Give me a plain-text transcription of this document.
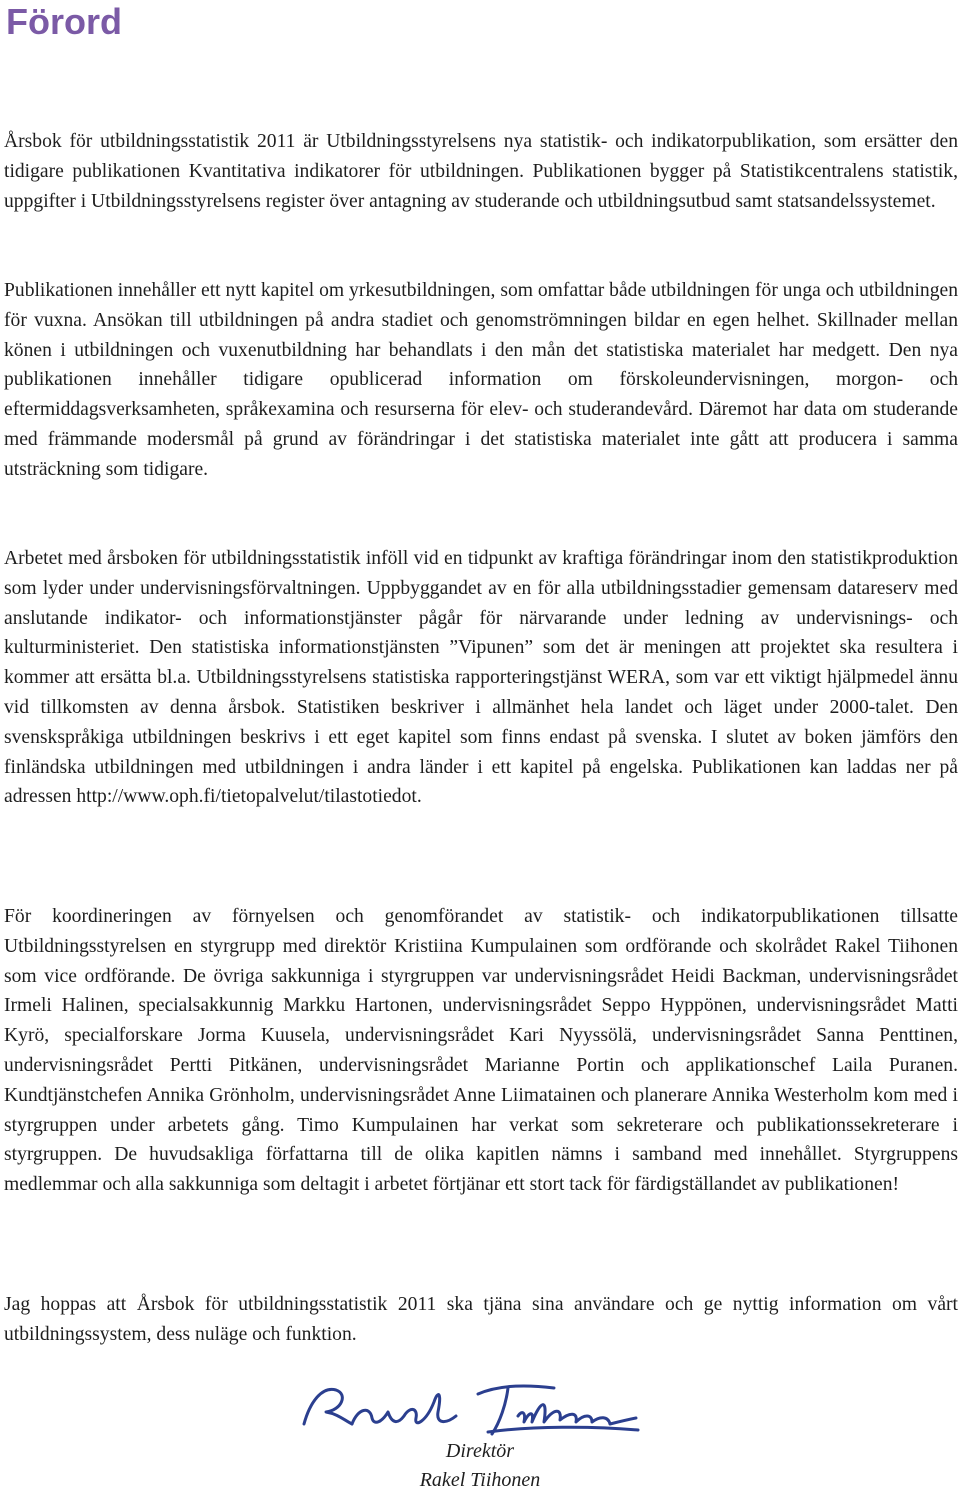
Förord

Årsbok för utbildningsstatistik 2011 är Utbildningsstyrelsens nya statistik- och indikatorpublikation, som ersätter den tidigare publikationen Kvantitativa indikatorer för utbildningen. Publikationen bygger på Statistikcentralens statistik, uppgifter i Utbildningsstyrelsens register över antagning av studerande och utbildningsutbud samt statsandelssystemet.

Publikationen innehåller ett nytt kapitel om yrkesutbildningen, som omfattar både utbildningen för unga och utbildningen för vuxna. Ansökan till utbildningen på andra stadiet och genomströmningen bildar en egen helhet. Skillnader mellan könen i utbildningen och vuxenutbildning har behandlats i den mån det statistiska materialet har medgett. Den nya publikationen innehåller tidigare opublicerad information om förskoleundervisningen, morgon- och eftermiddagsverksamheten, språkexamina och resurserna för elev- och studerandevård. Däremot har data om studerande med främmande modersmål på grund av förändringar i det statistiska materialet inte gått att producera i samma utsträckning som tidigare.

Arbetet med årsboken för utbildningsstatistik inföll vid en tidpunkt av kraftiga förändringar inom den statistikproduktion som lyder under undervisningsförvaltningen. Uppbyggandet av en för alla utbildningsstadier gemensam datareserv med anslutande indikator- och informationstjänster pågår för närvarande under ledning av undervisnings- och kulturministeriet. Den statistiska informationstjänsten ”Vipunen” som det är meningen att projektet ska resultera i kommer att ersätta bl.a. Utbildningsstyrelsens statistiska rapporteringstjänst WERA, som var ett viktigt hjälpmedel ännu vid tillkomsten av denna årsbok. Statistiken beskriver i allmänhet hela landet och läget under 2000-talet. Den svenskspråkiga utbildningen beskrivs i ett eget kapitel som finns endast på svenska. I slutet av boken jämförs den finländska utbildningen med utbildningen i andra länder i ett kapitel på engelska. Publikationen kan laddas ner på adressen http://www.oph.fi/tietopalvelut/tilastotiedot.

För koordineringen av förnyelsen och genomförandet av statistik- och indikatorpublikationen tillsatte Utbildningsstyrelsen en styrgrupp med direktör Kristiina Kumpulainen som ordförande och skolrådet Rakel Tiihonen som vice ordförande. De övriga sakkunniga i styrgruppen var undervisningsrådet Heidi Backman, undervisningsrådet Irmeli Halinen, specialsakkunnig Markku Hartonen, undervisningsrådet Seppo Hyppönen, undervisningsrådet Matti Kyrö, specialforskare Jorma Kuusela, undervisningsrådet Kari Nyyssölä, undervisningsrådet Sanna Penttinen, undervisningsrådet Pertti Pitkänen, undervisningsrådet Marianne Portin och applikationschef Laila Puranen. Kundtjänstchefen Annika Grönholm, undervisningsrådet Anne Liimatainen och planerare Annika Westerholm kom med i styrgruppen under arbetets gång. Timo Kumpulainen har verkat som sekreterare och publikationssekreterare i styrgruppen. De huvudsakliga författarna till de olika kapitlen nämns i samband med innehållet. Styrgruppens medlemmar och alla sakkunniga som deltagit i arbetet förtjänar ett stort tack för färdigställandet av publikationen!

Jag hoppas att Årsbok för utbildningsstatistik 2011 ska tjäna sina användare och ge nyttig information om vårt utbildningssystem, dess nuläge och funktion.

Direktör

Rakel Tiihonen
